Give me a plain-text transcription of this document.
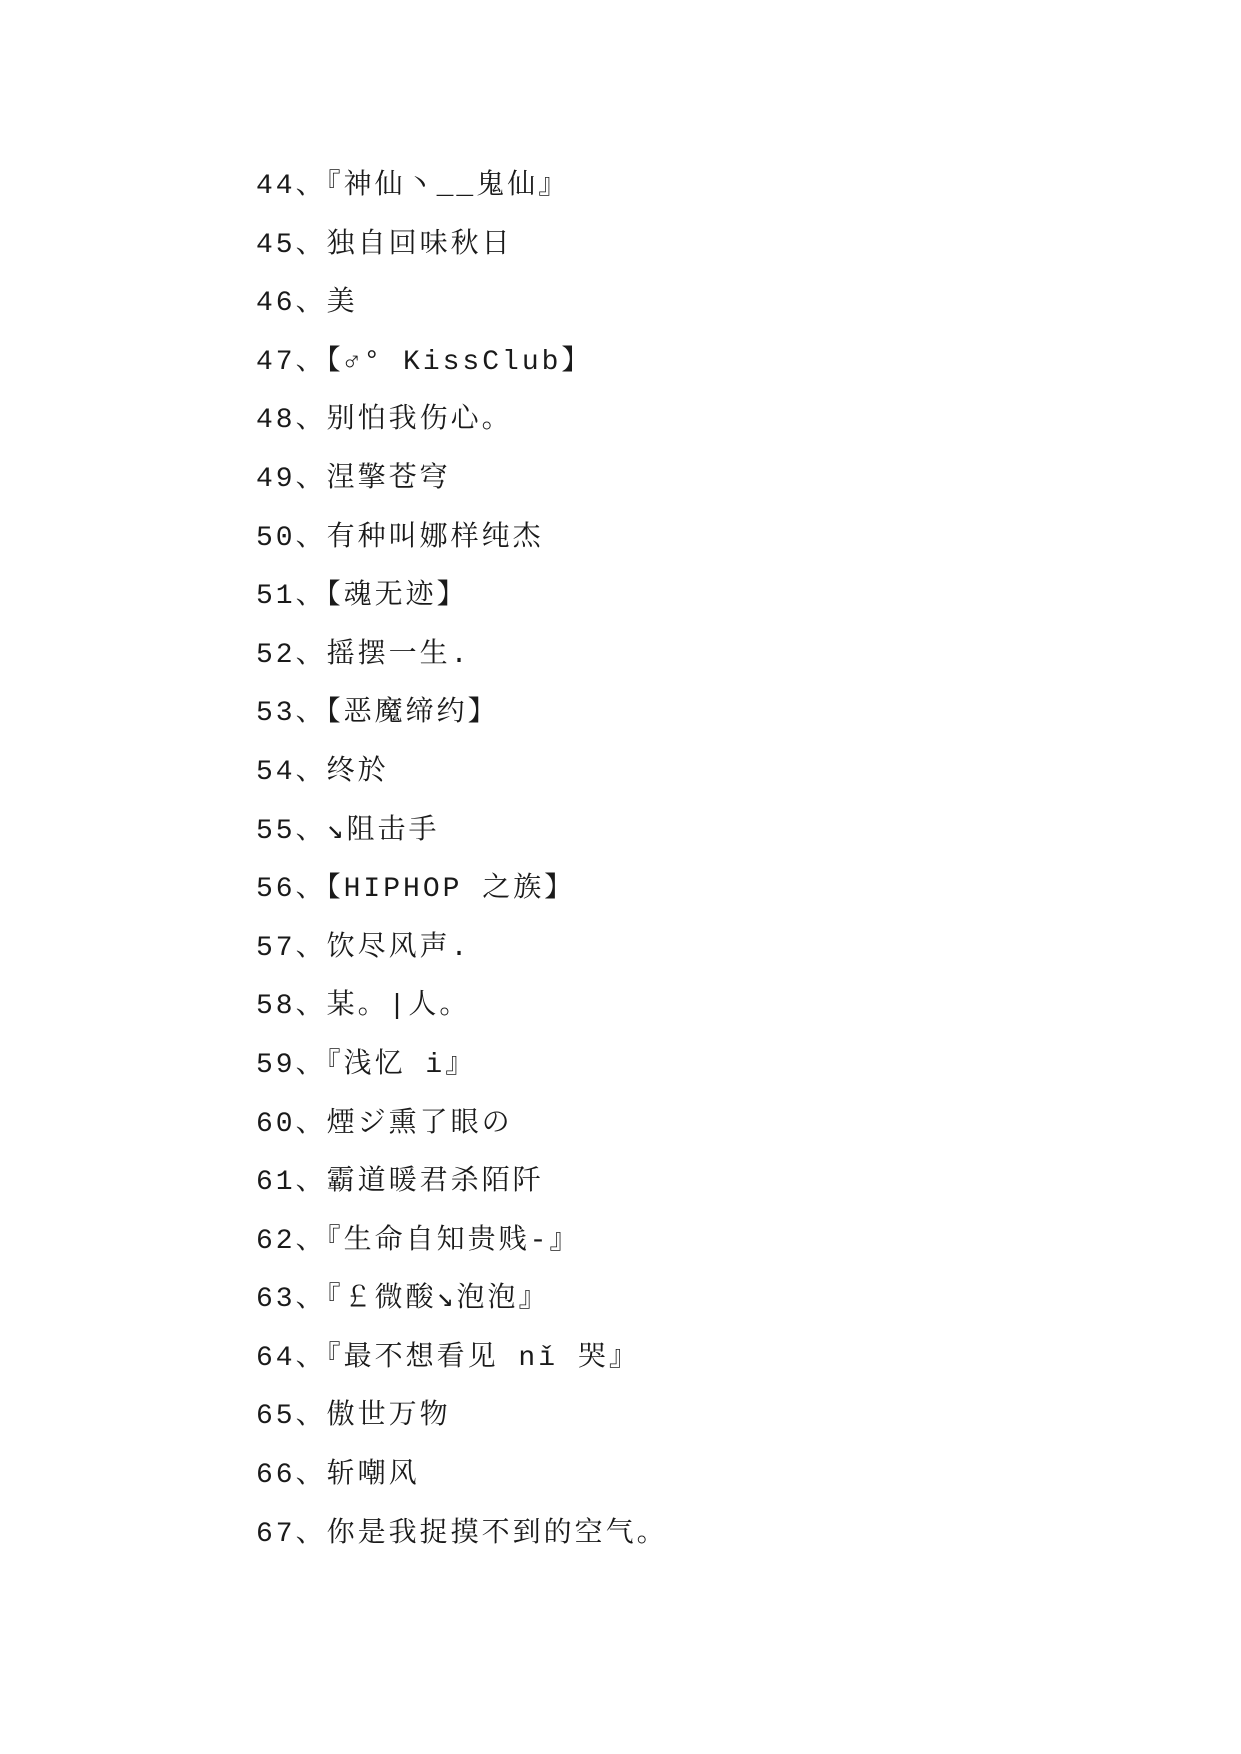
44、『神仙丶__鬼仙』
45、独自回味秋日
46、美
47、【♂° KissClub】
48、别怕我伤心。
49、涅擎苍穹
50、有种叫娜样纯杰
51、【魂无迹】
52、摇摆一生.
53、【恶魔缔约】
54、终於
55、↘阻击手
56、【HIPHOP 之族】
57、饮尽风声.
58、某。|人。
59、『浅忆 i』
60、煙ジ熏了眼の
61、霸道暖君杀陌阡
62、『生命自知贵贱-』
63、『￡微酸↘泡泡』
64、『最不想看见 nǐ 哭』
65、傲世万物
66、斩嘲风
67、你是我捉摸不到的空气。
